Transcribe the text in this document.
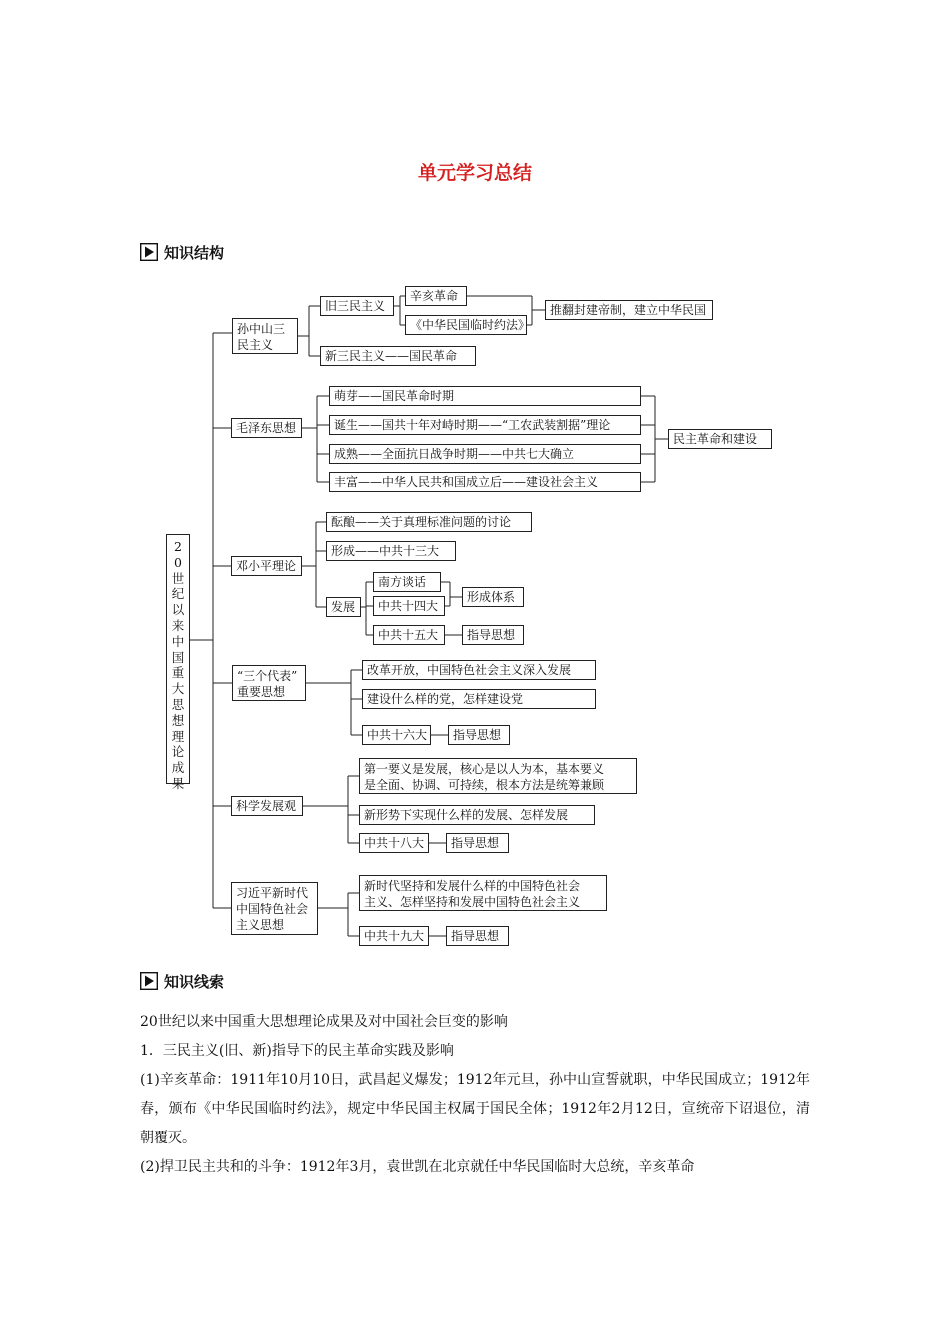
单元学习总结
知识结构
20世纪以来中国重大思想理论成果
孙中山三
民主义
旧三民主义
辛亥革命
《中华民国临时约法》
推翻封建帝制，建立中华民国
新三民主义——国民革命
毛泽东思想
萌芽——国民革命时期
诞生——国共十年对峙时期——“工农武装割据”理论
成熟——全面抗日战争时期——中共七大确立
丰富——中华人民共和国成立后——建设社会主义
民主革命和建设
邓小平理论
酝酿——关于真理标准问题的讨论
形成——中共十三大
发展
南方谈话
中共十四大
形成体系
中共十五大	指导思想
“三个代表”
重要思想
改革开放，中国特色社会主义深入发展
建设什么样的党，怎样建设党
中共十六大	指导思想
科学发展观
第一要义是发展，核心是以人为本，基本要义
是全面、协调、可持续，根本方法是统筹兼顾
新形势下实现什么样的发展、怎样发展
中共十八大	指导思想
习近平新时代
中国特色社会
主义思想
新时代坚持和发展什么样的中国特色社会
主义、怎样坚持和发展中国特色社会主义
中共十九大	指导思想
知识线索

20世纪以来中国重大思想理论成果及对中国社会巨变的影响

1．三民主义(旧、新)指导下的民主革命实践及影响

(1)辛亥革命：1911年10月10日，武昌起义爆发；1912年元旦，孙中山宣誓就职，中华民国成立；1912年春，颁布《中华民国临时约法》，规定中华民国主权属于国民全体；1912年2月12日，宣统帝下诏退位，清朝覆灭。

(2)捍卫民主共和的斗争：1912年3月，袁世凯在北京就任中华民国临时大总统，辛亥革命
